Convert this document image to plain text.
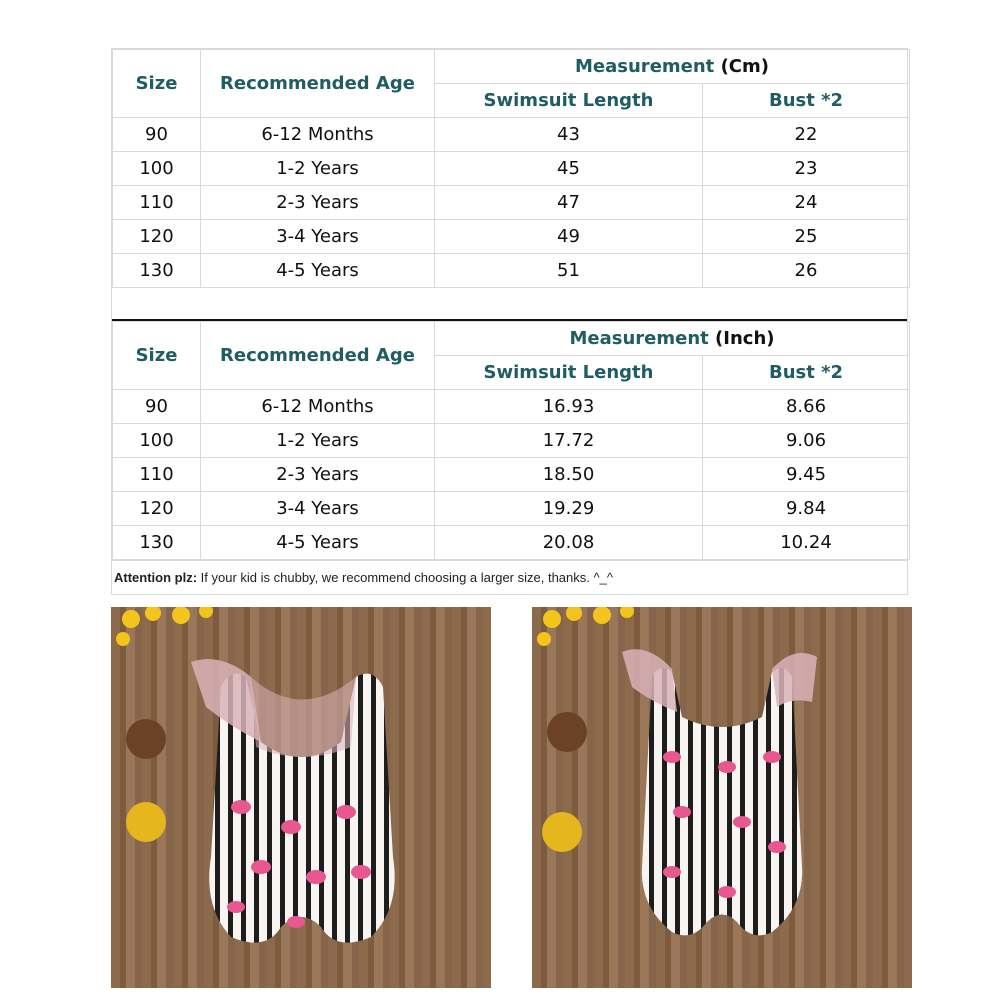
Size	Recommended Age	Measurement (Cm)	
		Swimsuit Length	Bust *2
90	6-12 Months	43	22
100	1-2 Years	45	23
110	2-3 Years	47	24
120	3-4 Years	49	25
130	4-5 Years	51	26
Size	Recommended Age	Measurement (Inch)	
		Swimsuit Length	Bust *2
90	6-12 Months	16.93	8.66
100	1-2 Years	17.72	9.06
110	2-3 Years	18.50	9.45
120	3-4 Years	19.29	9.84
130	4-5 Years	20.08	10.24
Attention plz: If your kid is chubby, we recommend choosing a larger size, thanks. ^_^
